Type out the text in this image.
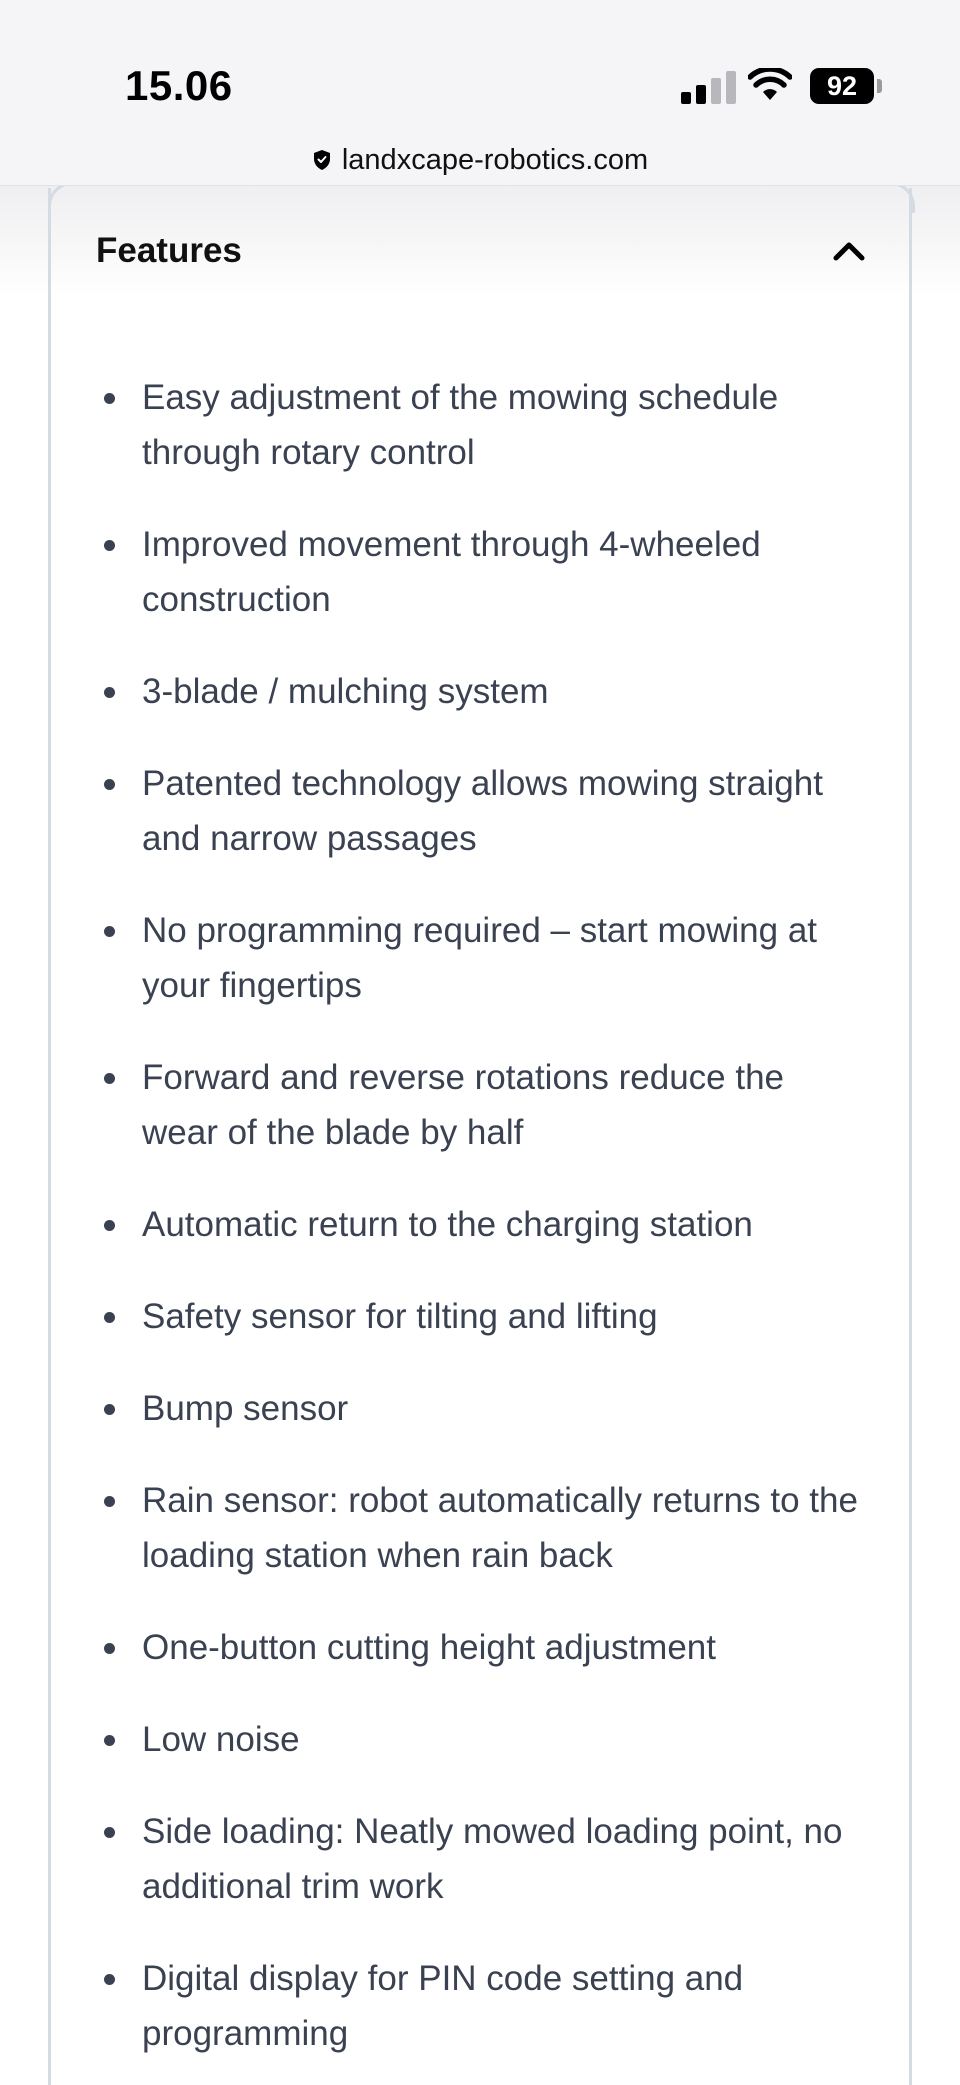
15.06	92
landxcape-robotics.com
Features
Easy adjustment of the mowing schedule through rotary control
Improved movement through 4-wheeled construction
3-blade / mulching system
Patented technology allows mowing straight and narrow passages
No programming required – start mowing at your fingertips
Forward and reverse rotations reduce the wear of the blade by half
Automatic return to the charging station
Safety sensor for tilting and lifting
Bump sensor
Rain sensor: robot automatically returns to the loading station when rain back
One-button cutting height adjustment
Low noise
Side loading: Neatly mowed loading point, no additional trim work
Digital display for PIN code setting and programming
